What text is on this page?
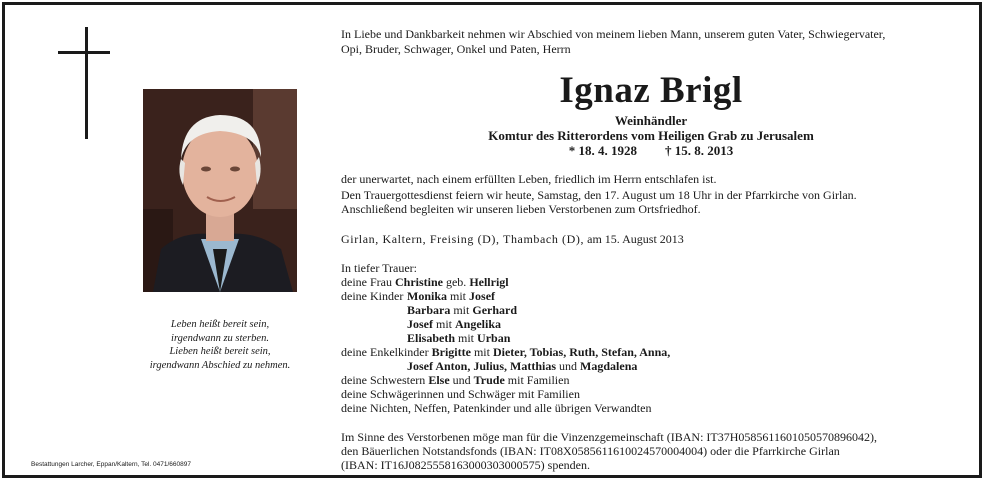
Leben heißt bereit sein,
irgendwann zu sterben.
Lieben heißt bereit sein,
irgendwann Abschied zu nehmen.
Bestattungen Larcher, Eppan/Kaltern, Tel. 0471/660897
In Liebe und Dankbarkeit nehmen wir Abschied von meinem lieben Mann, unserem guten Vater, Schwiegervater,
Opi, Bruder, Schwager, Onkel und Paten, Herrn
Ignaz Brigl
Weinhändler
Komtur des Ritterordens vom Heiligen Grab zu Jerusalem
* 18. 4. 1928 † 15. 8. 2013
der unerwartet, nach einem erfüllten Leben, friedlich im Herrn entschlafen ist.
Den Trauergottesdienst feiern wir heute, Samstag, den 17. August um 18 Uhr in der Pfarrkirche von Girlan.
Anschließend begleiten wir unseren lieben Verstorbenen zum Ortsfriedhof.
Girlan, Kaltern, Freising (D), Thambach (D), am 15. August 2013
In tiefer Trauer:
deine Frau Christine geb. Hellrigl
deine Kinder Monika mit Josef
Barbara mit Gerhard
Josef mit Angelika
Elisabeth mit Urban
deine Enkelkinder Brigitte mit Dieter, Tobias, Ruth, Stefan, Anna,
Josef Anton, Julius, Matthias und Magdalena
deine Schwestern Else und Trude mit Familien
deine Schwägerinnen und Schwäger mit Familien
deine Nichten, Neffen, Patenkinder und alle übrigen Verwandten
Im Sinne des Verstorbenen möge man für die Vinzenzgemeinschaft (IBAN: IT37H0585611601050570896042),
den Bäuerlichen Notstandsfonds (IBAN: IT08X0585611610024570004004) oder die Pfarrkirche Girlan
(IBAN: IT16J0825558163000303000575) spenden.
